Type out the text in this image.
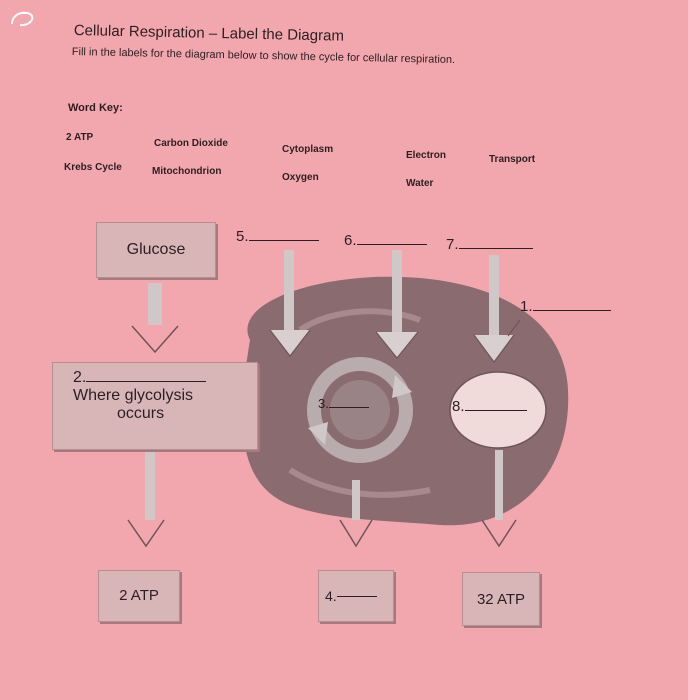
Cellular Respiration – Label the Diagram
Fill in the labels for the diagram below to show the cycle for cellular respiration.
Word Key:
2 ATP
Carbon Dioxide
Cytoplasm
Electron	Transport
Krebs Cycle	Mitochondrion
Oxygen
Water
Glucose
2.
Where glycolysis
occurs
2 ATP
5.	6.	7.
1.
3.	8.
4.	32 ATP
